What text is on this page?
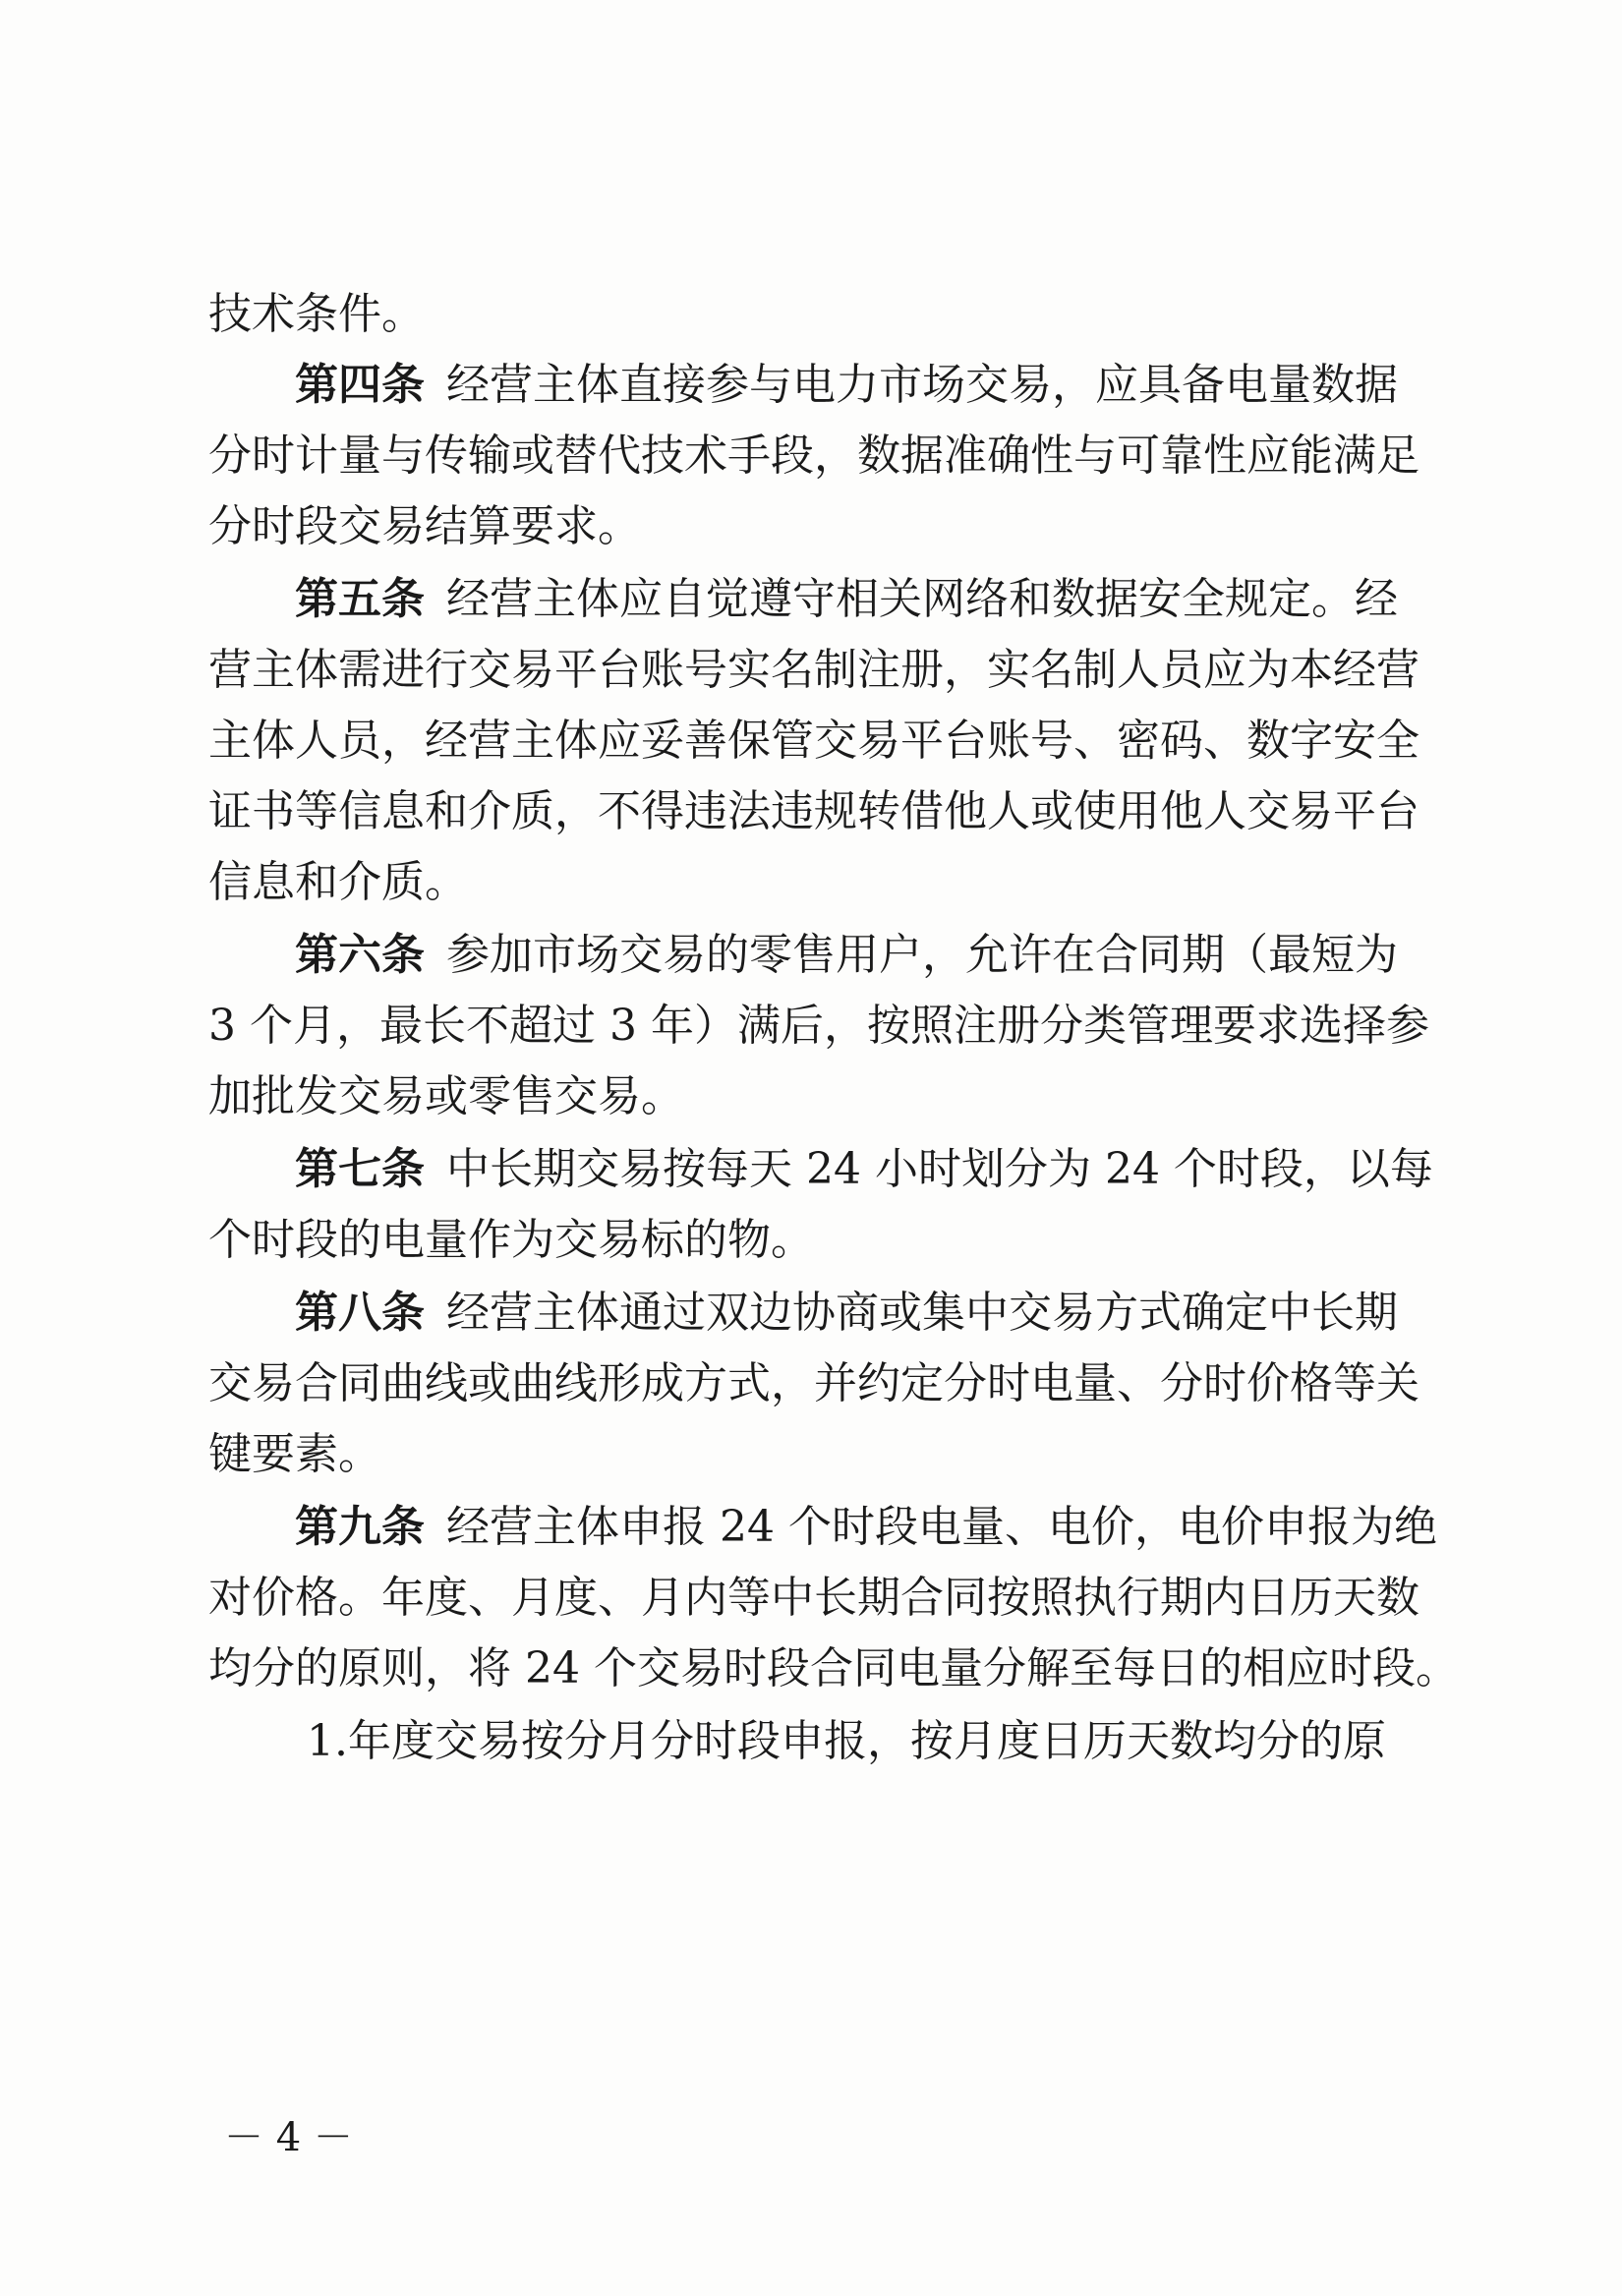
技术条件。
第四条 经营主体直接参与电力市场交易，应具备电量数据
分时计量与传输或替代技术手段，数据准确性与可靠性应能满足
分时段交易结算要求。
第五条 经营主体应自觉遵守相关网络和数据安全规定。经
营主体需进行交易平台账号实名制注册，实名制人员应为本经营
主体人员，经营主体应妥善保管交易平台账号、密码、数字安全
证书等信息和介质，不得违法违规转借他人或使用他人交易平台
信息和介质。
第六条 参加市场交易的零售用户，允许在合同期（最短为
3 个月，最长不超过 3 年）满后，按照注册分类管理要求选择参
加批发交易或零售交易。
第七条 中长期交易按每天 24 小时划分为 24 个时段，以每
个时段的电量作为交易标的物。
第八条 经营主体通过双边协商或集中交易方式确定中长期
交易合同曲线或曲线形成方式，并约定分时电量、分时价格等关
键要素。
第九条 经营主体申报 24 个时段电量、电价，电价申报为绝
对价格。年度、月度、月内等中长期合同按照执行期内日历天数
均分的原则，将 24 个交易时段合同电量分解至每日的相应时段。
1.年度交易按分月分时段申报，按月度日历天数均分的原
－ 4 －
